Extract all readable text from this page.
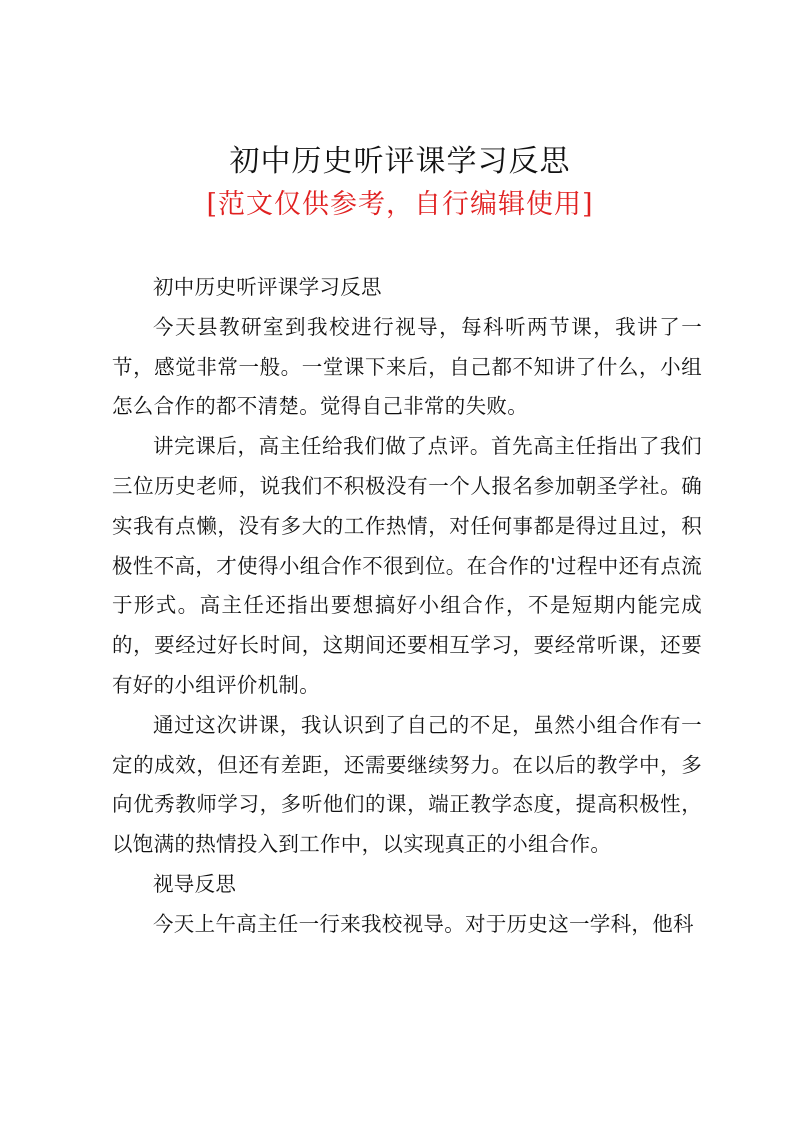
初中历史听评课学习反思
[范文仅供参考，自行编辑使用]

初中历史听评课学习反思

今天县教研室到我校进行视导，每科听两节课，我讲了一节，感觉非常一般。一堂课下来后，自己都不知讲了什么，小组怎么合作的都不清楚。觉得自己非常的失败。

讲完课后，高主任给我们做了点评。首先高主任指出了我们三位历史老师，说我们不积极没有一个人报名参加朝圣学社。确实我有点懒，没有多大的工作热情，对任何事都是得过且过，积极性不高，才使得小组合作不很到位。在合作的'过程中还有点流于形式。高主任还指出要想搞好小组合作，不是短期内能完成的，要经过好长时间，这期间还要相互学习，要经常听课，还要有好的小组评价机制。

通过这次讲课，我认识到了自己的不足，虽然小组合作有一定的成效，但还有差距，还需要继续努力。在以后的教学中，多向优秀教师学习，多听他们的课，端正教学态度，提高积极性，以饱满的热情投入到工作中，以实现真正的小组合作。

视导反思

今天上午高主任一行来我校视导。对于历史这一学科，他科
